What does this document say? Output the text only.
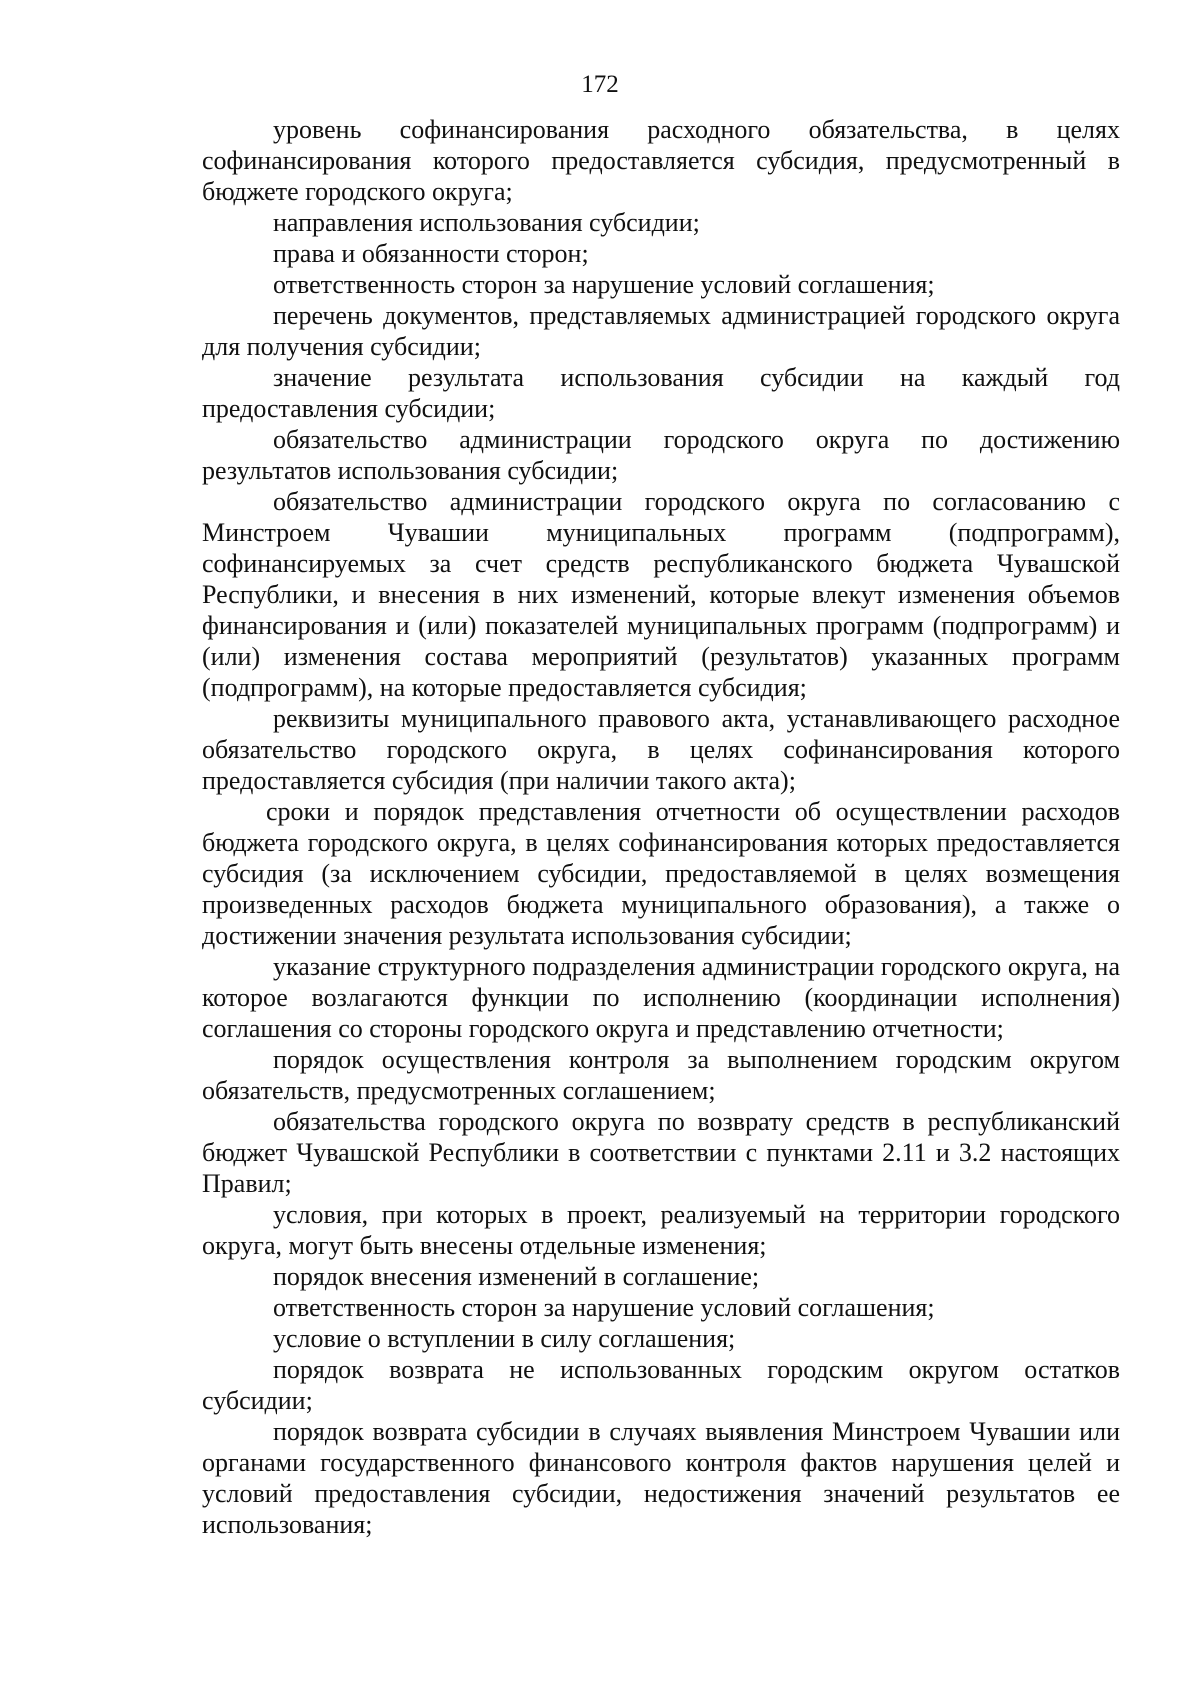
172

уровень софинансирования расходного обязательства, в целях софинансирования которого предоставляется субсидия, предусмотренный в бюджете городского округа;

направления использования субсидии;

права и обязанности сторон;

ответственность сторон за нарушение условий соглашения;

перечень документов, представляемых администрацией городского округа для получения субсидии;

значение результата использования субсидии на каждый год предоставления субсидии;

обязательство администрации городского округа по достижению результатов использования субсидии;

обязательство администрации городского округа по согласованию с Минстроем Чувашии муниципальных программ (подпрограмм), софинансируемых за счет средств республиканского бюджета Чувашской Республики, и внесения в них изменений, которые влекут изменения объемов финансирования и (или) показателей муниципальных программ (подпрограмм) и (или) изменения состава мероприятий (результатов) указанных программ (подпрограмм), на которые предоставляется субсидия;

реквизиты муниципального правового акта, устанавливающего расходное обязательство городского округа, в целях софинансирования которого предоставляется субсидия (при наличии такого акта);

сроки и порядок представления отчетности об осуществлении расходов бюджета городского округа, в целях софинансирования которых предоставляется субсидия (за исключением субсидии, предоставляемой в целях возмещения произведенных расходов бюджета муниципального образования), а также о достижении значения результата использования субсидии;

указание структурного подразделения администрации городского округа, на которое возлагаются функции по исполнению (координации исполнения) соглашения со стороны городского округа и представлению отчетности;

порядок осуществления контроля за выполнением городским округом обязательств, предусмотренных соглашением;

обязательства городского округа по возврату средств в республиканский бюджет Чувашской Республики в соответствии с пунктами 2.11 и 3.2 настоящих Правил;

условия, при которых в проект, реализуемый на территории городского округа, могут быть внесены отдельные изменения;

порядок внесения изменений в соглашение;

ответственность сторон за нарушение условий соглашения;

условие о вступлении в силу соглашения;

порядок возврата не использованных городским округом остатков субсидии;

порядок возврата субсидии в случаях выявления Минстроем Чувашии или органами государственного финансового контроля фактов нарушения целей и условий предоставления субсидии, недостижения значений результатов ее использования;
